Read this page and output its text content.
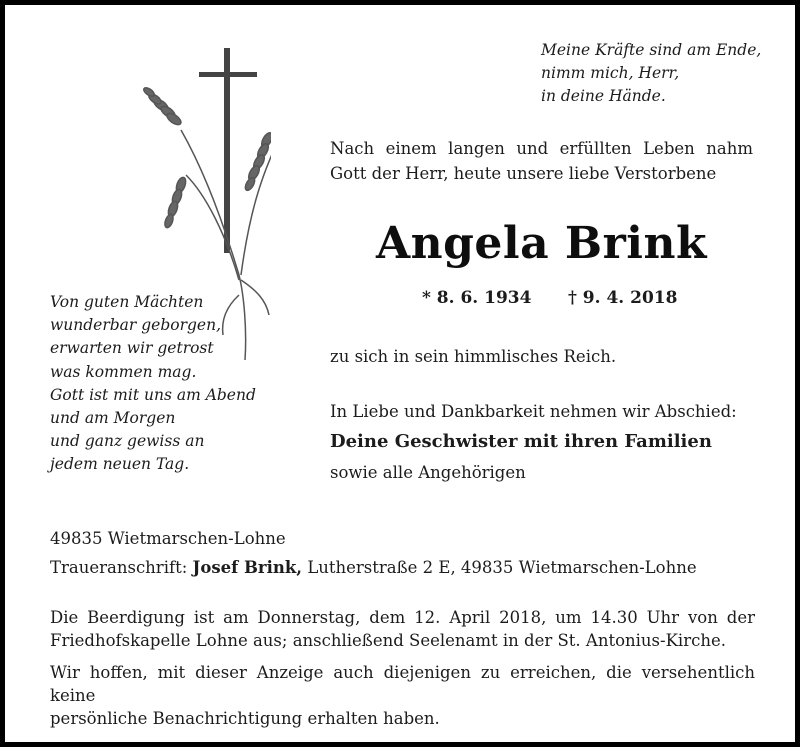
Meine Kräfte sind am Ende,
nimm mich, Herr,
in deine Hände.
Nach einem langen und erfüllten Leben nahm
Gott der Herr, heute unsere liebe Verstorbene
Angela Brink
* 8. 6. 1934 † 9. 4. 2018
zu sich in sein himmlisches Reich.
In Liebe und Dankbarkeit nehmen wir Abschied:
Deine Geschwister mit ihren Familien
sowie alle Angehörigen
Von guten Mächten
wunderbar geborgen,
erwarten wir getrost
was kommen mag.
Gott ist mit uns am Abend
und am Morgen
und ganz gewiss an
jedem neuen Tag.
49835 Wietmarschen-Lohne
Traueranschrift: Josef Brink, Lutherstraße 2 E, 49835 Wietmarschen-Lohne
Die Beerdigung ist am Donnerstag, dem 12. April 2018, um 14.30 Uhr von der
Friedhofskapelle Lohne aus; anschließend Seelenamt in der St. Antonius-Kirche.
Wir hoffen, mit dieser Anzeige auch diejenigen zu erreichen, die versehentlich keine
persönliche Benachrichtigung erhalten haben.
